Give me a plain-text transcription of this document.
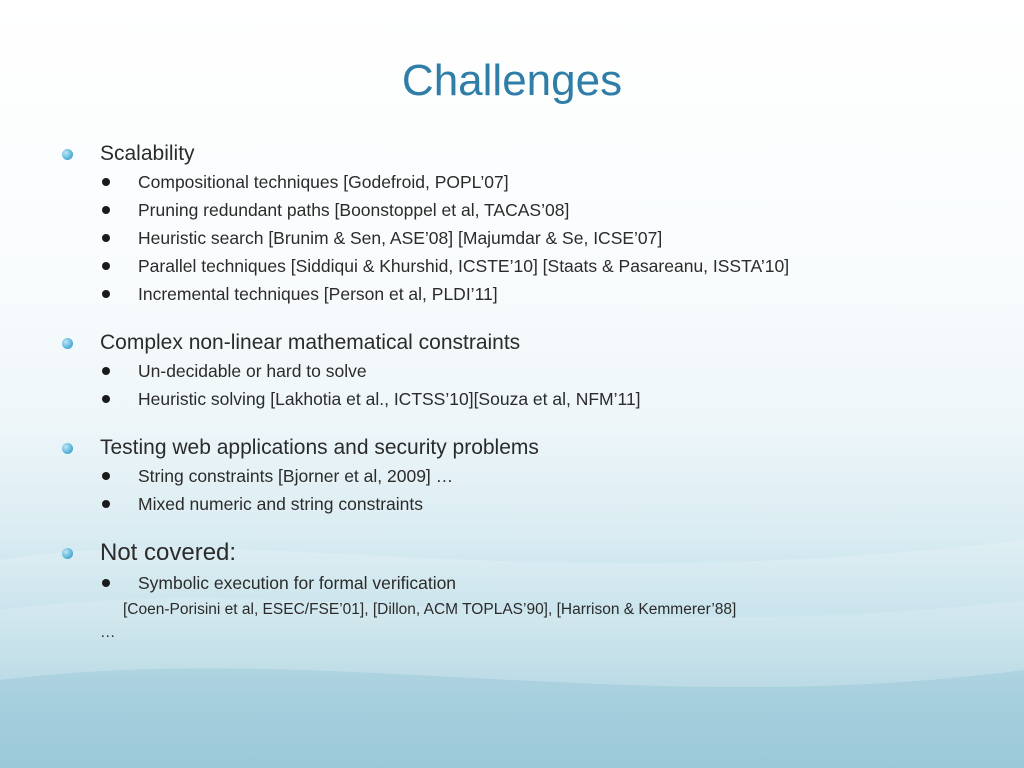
Challenges
Scalability
Compositional techniques [Godefroid, POPL’07]
Pruning redundant paths [Boonstoppel et al, TACAS’08]
Heuristic search [Brunim & Sen, ASE’08] [Majumdar & Se, ICSE’07]
Parallel techniques [Siddiqui & Khurshid, ICSTE’10] [Staats & Pasareanu, ISSTA’10]
Incremental techniques [Person et al, PLDI’11]
Complex non-linear mathematical constraints
Un-decidable or hard to solve
Heuristic solving [Lakhotia et al., ICTSS’10][Souza et al, NFM’11]
Testing web applications and security problems
String constraints [Bjorner et al, 2009] …
Mixed numeric and string constraints
Not covered:
Symbolic execution for formal verification
[Coen-Porisini et al, ESEC/FSE’01], [Dillon, ACM TOPLAS’90], [Harrison & Kemmerer’88]
…
